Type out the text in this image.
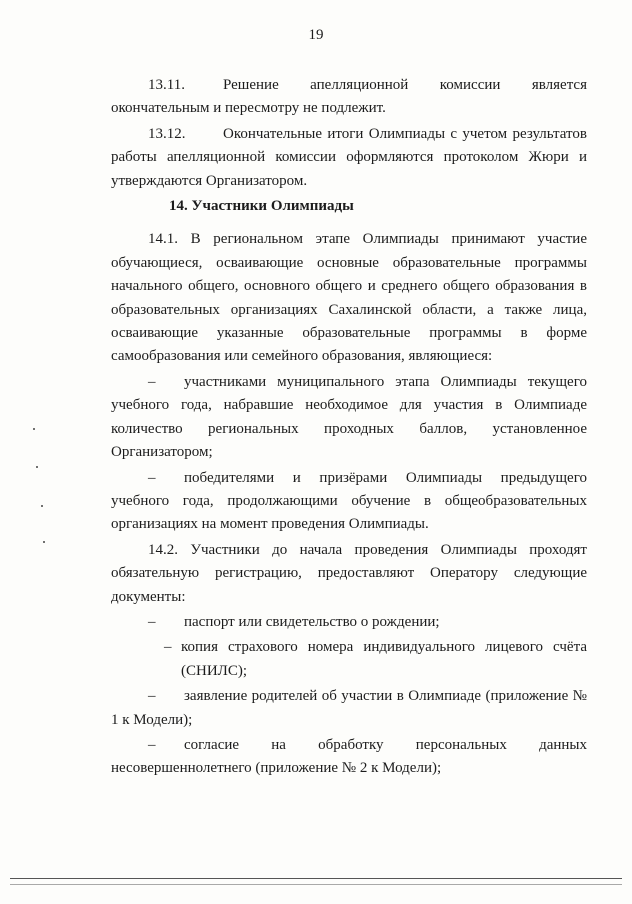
19

13.11.	Решение апелляционной комиссии является окончательным и пересмотру не подлежит.

13.12.	Окончательные итоги Олимпиады с учетом результатов работы апелляционной комиссии оформляются протоколом Жюри и утверждаются Организатором.

14. Участники Олимпиады

14.1. В региональном этапе Олимпиады принимают участие обучающиеся, осваивающие основные образовательные программы начального общего, основного общего и среднего общего образования в образовательных организациях Сахалинской области, а также лица, осваивающие указанные образовательные программы в форме самообразования или семейного образования, являющиеся:

– участниками муниципального этапа Олимпиады текущего учебного года, набравшие необходимое для участия в Олимпиаде количество региональных проходных баллов, установленное Организатором;

– победителями и призёрами Олимпиады предыдущего учебного года, продолжающими обучение в общеобразовательных организациях на момент проведения Олимпиады.

14.2. Участники до начала проведения Олимпиады проходят обязательную регистрацию, предоставляют Оператору следующие документы:

– паспорт или свидетельство о рождении;

– копия страхового номера индивидуального лицевого счёта (СНИЛС);

– заявление родителей об участии в Олимпиаде (приложение № 1 к Модели);

– согласие на обработку персональных данных несовершеннолетнего (приложение № 2 к Модели);
